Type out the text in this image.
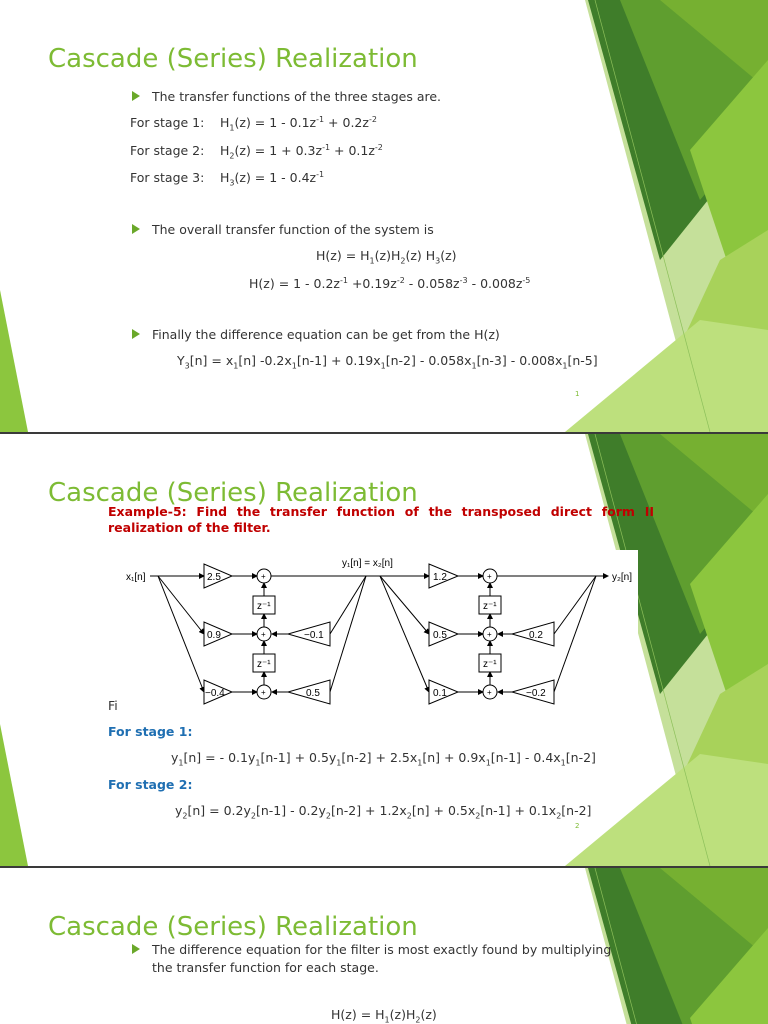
Cascade (Series) Realization
The transfer functions of the three stages are.
For stage 1: $H_1(z) = 1 - 0.1z^{-1} + 0.2z^{-2}$
For stage 2: $H_2(z) = 1 + 0.3z^{-1} + 0.1z^{-2}$
For stage 3: $H_3(z) = 1 - 0.4z^{-1}$
The overall transfer function of the system is
$H(z) = H_1(z)H_2(z)$ $H_3(z)$
$H(z) = 1 - 0.2z^{-1} +0.19z^{-2} - 0.058z^{-3} - 0.008z^{-5}$
Finally the difference equation can be get from the H(z)
$Y_3[n] = x_1[n] -0.2x_1[n-1] + 0.19x_1[n-2] - 0.058x_1[n-3] - 0.008x_1[n-5]$
1
Cascade (Series) Realization
Example-5: Find the transfer function of the transposed direct form II
realization of the filter.
x₁[n]
y₁[n] = x₂[n]
y₂[n]
2.5
0.9
−0.4
−0.1
0.5
1.2
0.5
0.1
0.2
−0.2
z⁻¹
z⁻¹
z⁻¹
z⁻¹
+
+
+
+
+
+
Fi
For stage 1:
$y_1[n]$ = - $0.1y_1[n-1] + 0.5y_1[n-2] + 2.5x_1[n] + 0.9x_1[n-1] - 0.4x_1[n-2]$
For stage 2:
$y_2[n] = 0.2y_2[n-1] - 0.2y_2[n-2] + 1.2x_2[n] + 0.5x_2[n-1] + 0.1x_2[n-2]$
2
Cascade (Series) Realization
The difference equation for the filter is most exactly found by multiplying
the transfer function for each stage.
$H(z) = H_1(z)H_2(z)$
